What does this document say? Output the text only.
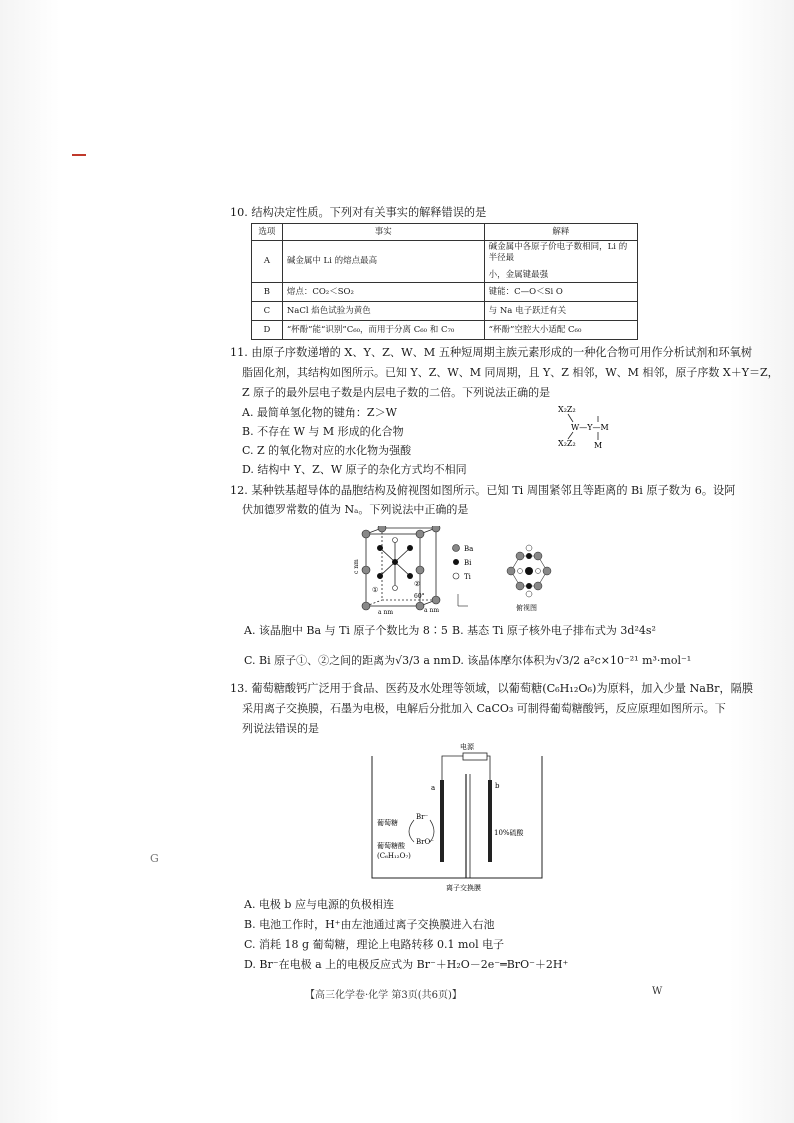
G
10. 结构决定性质。下列对有关事实的解释错误的是
选项	事实	解释
A	碱金属中 Li 的熔点最高	碱金属中各原子价电子数相同，Li 的半径最
小，金属键最强

B	熔点：CO₂＜SO₂	键能：C—O＜Si O
C	NaCl 焰色试验为黄色	与 Na 电子跃迁有关
D	“杯酚”能“识别”C₆₀，而用于分离 C₆₀ 和 C₇₀	“杯酚”空腔大小适配 C₆₀
11. 由原子序数递增的 X、Y、Z、W、M 五种短周期主族元素形成的一种化合物可用作分析试剂和环氧树
脂固化剂，其结构如图所示。已知 Y、Z、W、M 同周期，且 Y、Z 相邻，W、M 相邻，原子序数 X＋Y＝Z，
Z 原子的最外层电子数是内层电子数的二倍。下列说法正确的是
A. 最简单氢化物的键角：Z＞W
B. 不存在 W 与 M 形成的化合物
C. Z 的氧化物对应的水化物为强酸
D. 结构中 Y、Z、W 原子的杂化方式均不相同
X₂Z₂
W—Y—M
X₂Z₂ M
12. 某种铁基超导体的晶胞结构及俯视图如图所示。已知 Ti 周围紧邻且等距离的 Bi 原子数为 6。设阿
伏加德罗常数的值为 Nₐ。下列说法中正确的是
c nm
a nm	a nm
60°
①
②
Ba
Bi
Ti
俯视图
A. 该晶胞中 Ba 与 Ti 原子个数比为 8∶5 B. 基态 Ti 原子核外电子排布式为 3d²4s²
C. Bi 原子①、②之间的距离为√3/3 a nm D. 该晶体摩尔体积为√3/2 a²c×10⁻²¹ m³·mol⁻¹
13. 葡萄糖酸钙广泛用于食品、医药及水处理等领域，以葡萄糖(C₆H₁₂O₆)为原料，加入少量 NaBr，隔膜
采用离子交换膜，石墨为电极，电解后分批加入 CaCO₃ 可制得葡萄糖酸钙，反应原理如图所示。下
列说法错误的是
电源
a	b
葡萄糖
Br⁻
BrO⁻
葡萄糖酸
(C₆H₁₂O₇)
10%硫酸
离子交换膜
A. 电极 b 应与电源的负极相连
B. 电池工作时，H⁺由左池通过离子交换膜进入右池
C. 消耗 18 g 葡萄糖，理论上电路转移 0.1 mol 电子
D. Br⁻在电极 a 上的电极反应式为 Br⁻＋H₂O－2e⁻═BrO⁻＋2H⁺
【高三化学卷·化学 第3页(共6页)】	W
